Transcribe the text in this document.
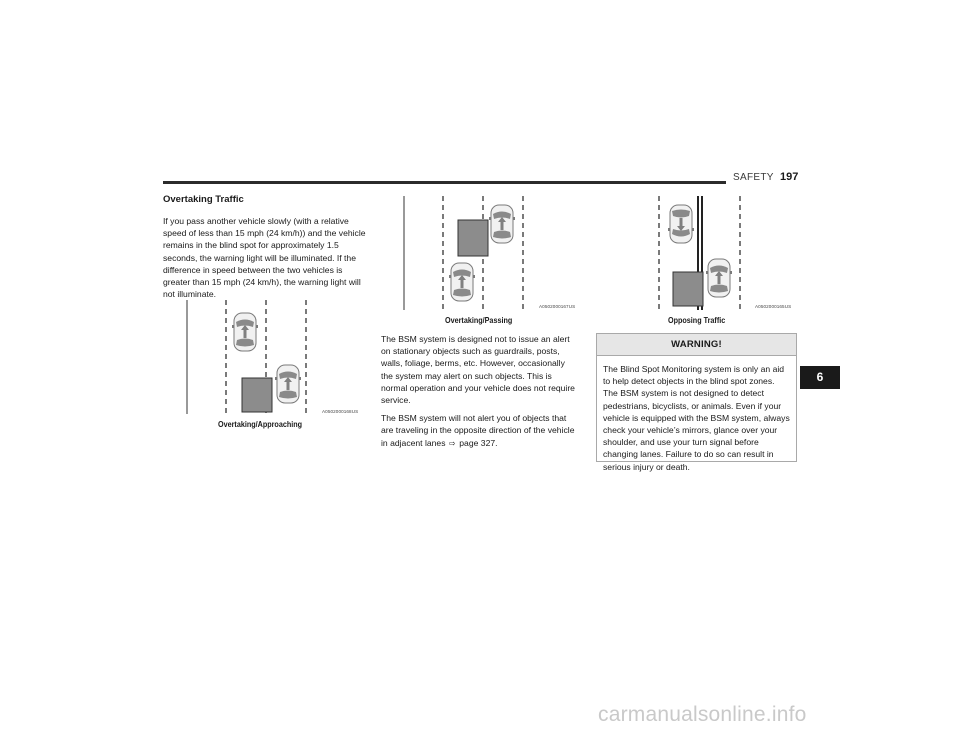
SAFETY 197

Overtaking Traffic

If you pass another vehicle slowly (with a relative speed of less than 15 mph (24 km/h)) and the vehicle remains in the blind spot for approximately 1.5 seconds, the warning light will be illuminated. If the difference in speed between the two vehicles is greater than 15 mph (24 km/h), the warning light will not illuminate.

Overtaking/Approaching
A0502000168US
Overtaking/Passing
A0502000167US
Opposing Traffic
A0502000165US

The BSM system is designed not to issue an alert on stationary objects such as guardrails, posts, walls, foliage, berms, etc. However, occasionally the system may alert on such objects. This is normal operation and your vehicle does not require service.

The BSM system will not alert you of objects that are traveling in the opposite direction of the vehicle in adjacent lanes ⇨ page 327.

WARNING!
The Blind Spot Monitoring system is only an aid to help detect objects in the blind spot zones. The BSM system is not designed to detect pedestrians, bicyclists, or animals. Even if your vehicle is equipped with the BSM system, always check your vehicle’s mirrors, glance over your shoulder, and use your turn signal before changing lanes. Failure to do so can result in serious injury or death.
6
carmanualsonline.info
